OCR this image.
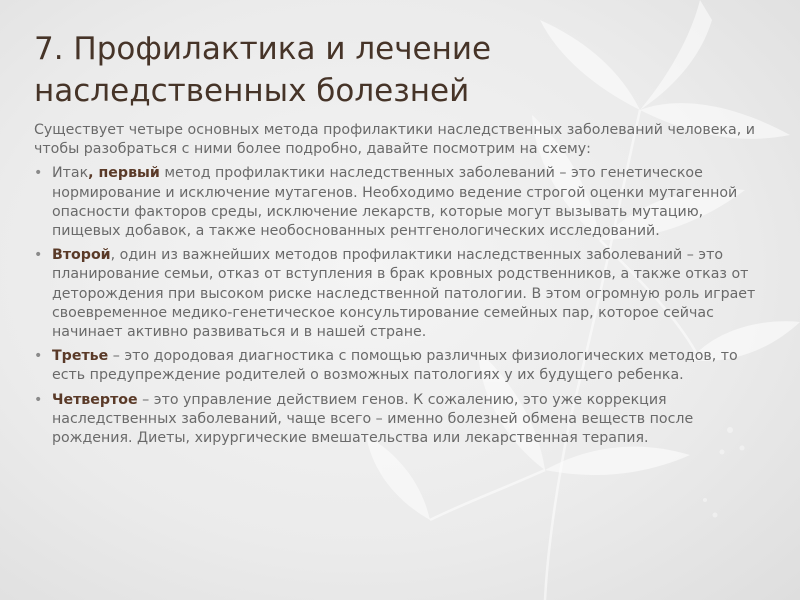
7. Профилактика и лечение
наследственных болезней

Существует четыре основных метода профилактики наследственных заболеваний человека, и чтобы разобраться с ними более подробно, давайте посмотрим на схему:

• Итак, первый метод профилактики наследственных заболеваний – это генетическое нормирование и исключение мутагенов. Необходимо ведение строгой оценки мутагенной опасности факторов среды, исключение лекарств, которые могут вызывать мутацию, пищевых добавок, а также необоснованных рентгенологических исследований.
• Второй, один из важнейших методов профилактики наследственных заболеваний – это планирование семьи, отказ от вступления в брак кровных родственников, а также отказ от деторождения при высоком риске наследственной патологии. В этом огромную роль играет своевременное медико-генетическое консультирование семейных пар, которое сейчас начинает активно развиваться и в нашей стране.
• Третье – это дородовая диагностика с помощью различных физиологических методов, то есть предупреждение родителей о возможных патологиях у их будущего ребенка.
• Четвертое – это управление действием генов. К сожалению, это уже коррекция наследственных заболеваний, чаще всего – именно болезней обмена веществ после рождения. Диеты, хирургические вмешательства или лекарственная терапия.
